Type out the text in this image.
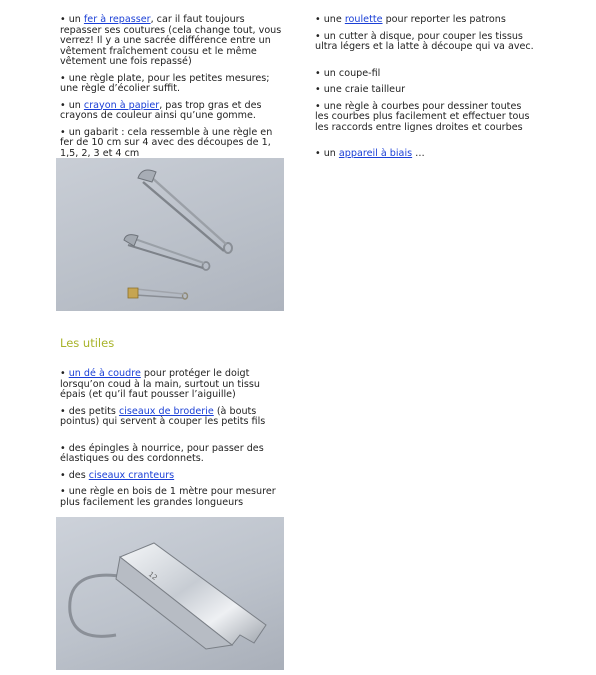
• un fer à repasser, car il faut toujours repasser ses coutures (cela change tout, vous verrez! Il y a une sacrée différence entre un vêtement fraîchement cousu et le même vêtement une fois repassé)

• une règle plate, pour les petites mesures; une règle d’écolier suffit.

• un crayon à papier, pas trop gras et des crayons de couleur ainsi qu’une gomme.

• un gabarit : cela ressemble à une règle en fer de 10 cm sur 4 avec des découpes de 1, 1,5, 2, 3 et 4 cm

• une roulette pour reporter les patrons

• un cutter à disque, pour couper les tissus ultra légers et la latte à découpe qui va avec.

• un coupe-fil

• une craie tailleur

• une règle à courbes pour dessiner toutes les courbes plus facilement et effectuer tous les raccords entre lignes droites et courbes

• un appareil à biais …

Les utiles

• un dé à coudre pour protéger le doigt lorsqu’on coud à la main, surtout un tissu épais (et qu’il faut pousser l’aiguille)

• des petits ciseaux de broderie (à bouts pointus) qui servent à couper les petits fils

• des épingles à nourrice, pour passer des élastiques ou des cordonnets.

• des ciseaux cranteurs

• une règle en bois de 1 mètre pour mesurer plus facilement les grandes longueurs

12
